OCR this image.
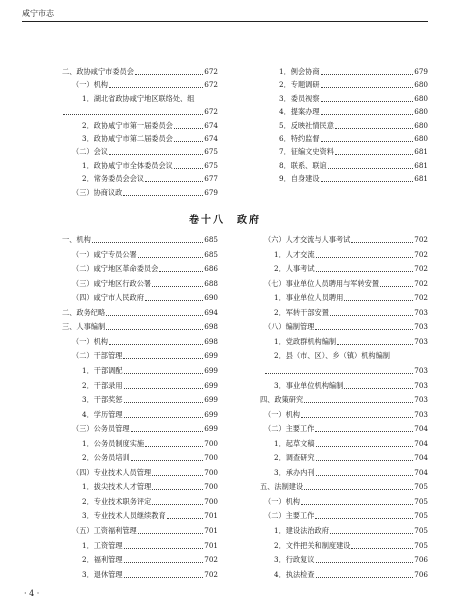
咸宁市志
二、政协咸宁市委员会	672
（一）机构	672
1．湖北省政协咸宁地区联络处、组
672
2．政协咸宁市第一届委员会	674
3．政协咸宁市第二届委员会	674
（二）会议	675
1．政协咸宁市全体委员会议	675
2．常务委员会会议	677
（三）协商议政	679
1．例会协商	679
2．专题调研	680
3．委员视察	680
4．提案办理	680
5．反映社情民意	680
6．特约监督	680
7．征编文史资料	681
8．联系、联谊	681
9．自身建设	681
卷十八　政府
一、机构	685
（一）咸宁专员公署	685
（二）咸宁地区革命委员会	686
（三）咸宁地区行政公署	688
（四）咸宁市人民政府	690
二、政务纪略	694
三、人事编制	698
（一）机构	698
（二）干部管理	699
1．干部调配	699
2．干部录用	699
3．干部奖惩	699
4．学历管理	699
（三）公务员管理	699
1．公务员制度实施	700
2．公务员培训	700
（四）专业技术人员管理	700
1．拔尖技术人才管理	700
2．专业技术职务评定	700
3．专业技术人员继续教育	701
（五）工资福利管理	701
1．工资管理	701
2．福利管理	702
3．退休管理	702
（六）人才交流与人事考试	702
1．人才交流	702
2．人事考试	702
（七）事业单位人员聘用与军转安置	702
1．事业单位人员聘用	702
2．军转干部安置	703
（八）编制管理	703
1．党政群机构编制	703
2．县（市、区）、乡（镇）机构编制
703
3．事业单位机构编制	703
四、政策研究	703
（一）机构	703
（二）主要工作	704
1．起草文稿	704
2．调查研究	704
3．承办内刊	704
五、法制建设	705
（一）机构	705
（二）主要工作	705
1．建设法治政府	705
2．文件把关和制度建设	705
3．行政复议	706
4．执法检查	706
· 4 ·
